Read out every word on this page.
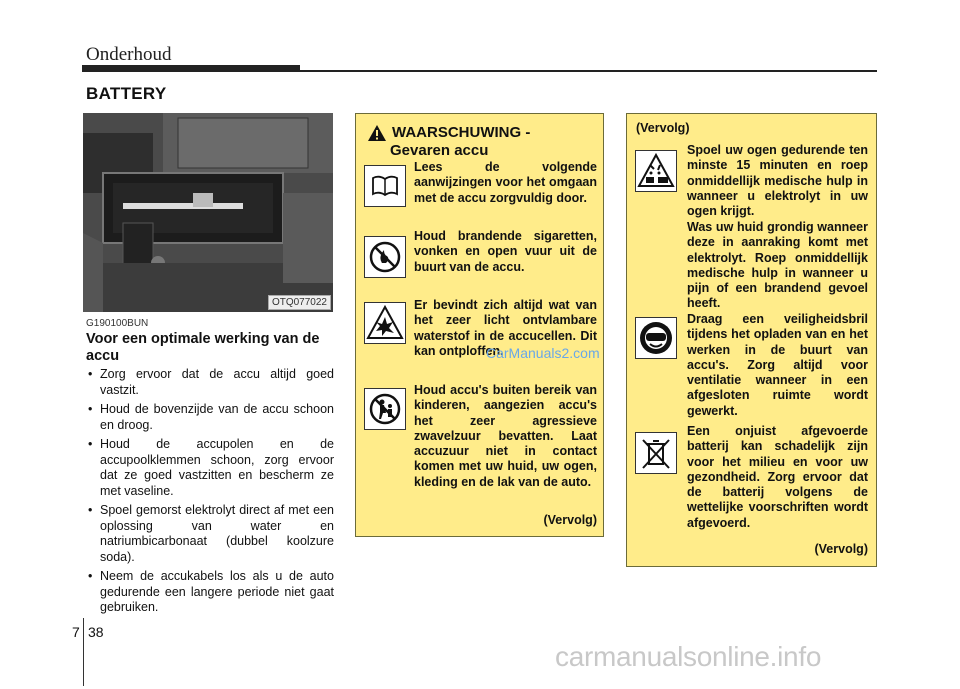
Onderhoud
BATTERY
OTQ077022
G190100BUN
Voor een optimale werking van de accu
• Zorg ervoor dat de accu altijd goed vastzit.
• Houd de bovenzijde van de accu schoon en droog.
• Houd de accupolen en de accupoolklemmen schoon, zorg ervoor dat ze goed vastzitten en bescherm ze met vaseline.
• Spoel gemorst elektrolyt direct af met een oplossing van water en natriumbicarbonaat (dubbel koolzure soda).
• Neem de accukabels los als u de auto gedurende een langere periode niet gaat gebruiken.
WAARSCHUWING -
Gevaren accu
Lees de volgende aanwijzingen voor het omgaan met de accu zorgvuldig door.
Houd brandende sigaretten, vonken en open vuur uit de buurt van de accu.
Er bevindt zich altijd wat van het zeer licht ontvlambare waterstof in de accucellen. Dit kan ontploffen.
Houd accu's buiten bereik van kinderen, aangezien accu's het zeer agressieve zwavelzuur bevatten. Laat accuzuur niet in contact komen met uw huid, uw ogen, kleding en de lak van de auto.
(Vervolg)
(Vervolg)
Spoel uw ogen gedurende ten minste 15 minuten en roep onmiddellijk medische hulp in wanneer u elektrolyt in uw ogen krijgt.
Was uw huid grondig wanneer deze in aanraking komt met elektrolyt. Roep onmiddellijk medische hulp in wanneer u pijn of een brandend gevoel heeft.
Draag een veiligheidsbril tijdens het opladen van en het werken in de buurt van accu's. Zorg altijd voor ventilatie wanneer in een afgesloten ruimte wordt gewerkt.
Een onjuist afgevoerde batterij kan schadelijk zijn voor het milieu en voor uw gezondheid. Zorg ervoor dat de batterij volgens de wettelijke voorschriften wordt afgevoerd.
(Vervolg)
CarManuals2.com
7 38
carmanualsonline.info
